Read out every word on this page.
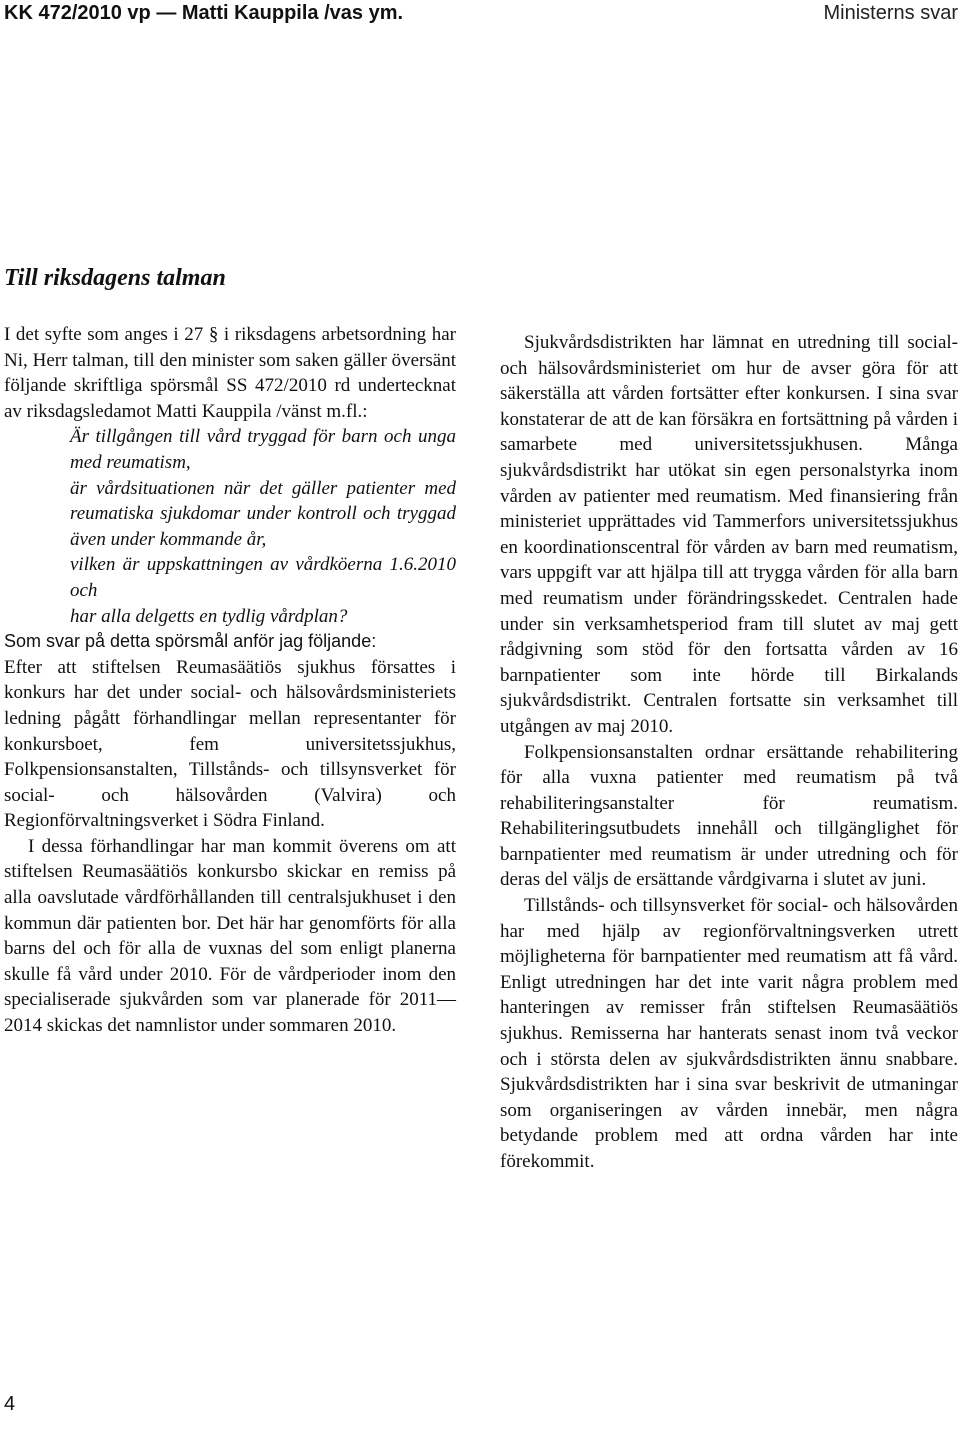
KK 472/2010 vp — Matti Kauppila /vas ym.	Ministerns svar
Till riksdagens talman

I det syfte som anges i 27 § i riksdagens arbetsordning har Ni, Herr talman, till den minister som saken gäller översänt följande skriftliga spörsmål SS 472/2010 rd undertecknat av riksdagsledamot Matti Kauppila /vänst m.fl.:

Är tillgången till vård tryggad för barn och unga med reumatism,

är vårdsituationen när det gäller patienter med reumatiska sjukdomar under kontroll och tryggad även under kommande år,

vilken är uppskattningen av vårdköerna 1.6.2010 och

har alla delgetts en tydlig vårdplan?

Som svar på detta spörsmål anför jag följande:

Efter att stiftelsen Reumasäätiös sjukhus försattes i konkurs har det under social- och hälsovårdsministeriets ledning pågått förhandlingar mellan representanter för konkursboet, fem universitetssjukhus, Folkpensionsanstalten, Tillstånds- och tillsynsverket för social- och hälsovården (Valvira) och Regionförvaltningsverket i Södra Finland.

I dessa förhandlingar har man kommit överens om att stiftelsen Reumasäätiös konkursbo skickar en remiss på alla oavslutade vårdförhållanden till centralsjukhuset i den kommun där patienten bor. Det här har genomförts för alla barns del och för alla de vuxnas del som enligt planerna skulle få vård under 2010. För de vårdperioder inom den specialiserade sjukvården som var planerade för 2011—2014 skickas det namnlistor under sommaren 2010.

Sjukvårdsdistrikten har lämnat en utredning till social- och hälsovårdsministeriet om hur de avser göra för att säkerställa att vården fortsätter efter konkursen. I sina svar konstaterar de att de kan försäkra en fortsättning på vården i samarbete med universitetssjukhusen. Många sjukvårdsdistrikt har utökat sin egen personalstyrka inom vården av patienter med reumatism. Med finansiering från ministeriet upprättades vid Tammerfors universitetssjukhus en koordinationscentral för vården av barn med reumatism, vars uppgift var att hjälpa till att trygga vården för alla barn med reumatism under förändringsskedet. Centralen hade under sin verksamhetsperiod fram till slutet av maj gett rådgivning som stöd för den fortsatta vården av 16 barnpatienter som inte hörde till Birkalands sjukvårdsdistrikt. Centralen fortsatte sin verksamhet till utgången av maj 2010.

Folkpensionsanstalten ordnar ersättande rehabilitering för alla vuxna patienter med reumatism på två rehabiliteringsanstalter för reumatism. Rehabiliteringsutbudets innehåll och tillgänglighet för barnpatienter med reumatism är under utredning och för deras del väljs de ersättande vårdgivarna i slutet av juni.

Tillstånds- och tillsynsverket för social- och hälsovården har med hjälp av regionförvaltningsverken utrett möjligheterna för barnpatienter med reumatism att få vård. Enligt utredningen har det inte varit några problem med hanteringen av remisser från stiftelsen Reumasäätiös sjukhus. Remisserna har hanterats senast inom två veckor och i största delen av sjukvårdsdistrikten ännu snabbare. Sjukvårdsdistrikten har i sina svar beskrivit de utmaningar som organiseringen av vården innebär, men några betydande problem med att ordna vården har inte förekommit.

4
